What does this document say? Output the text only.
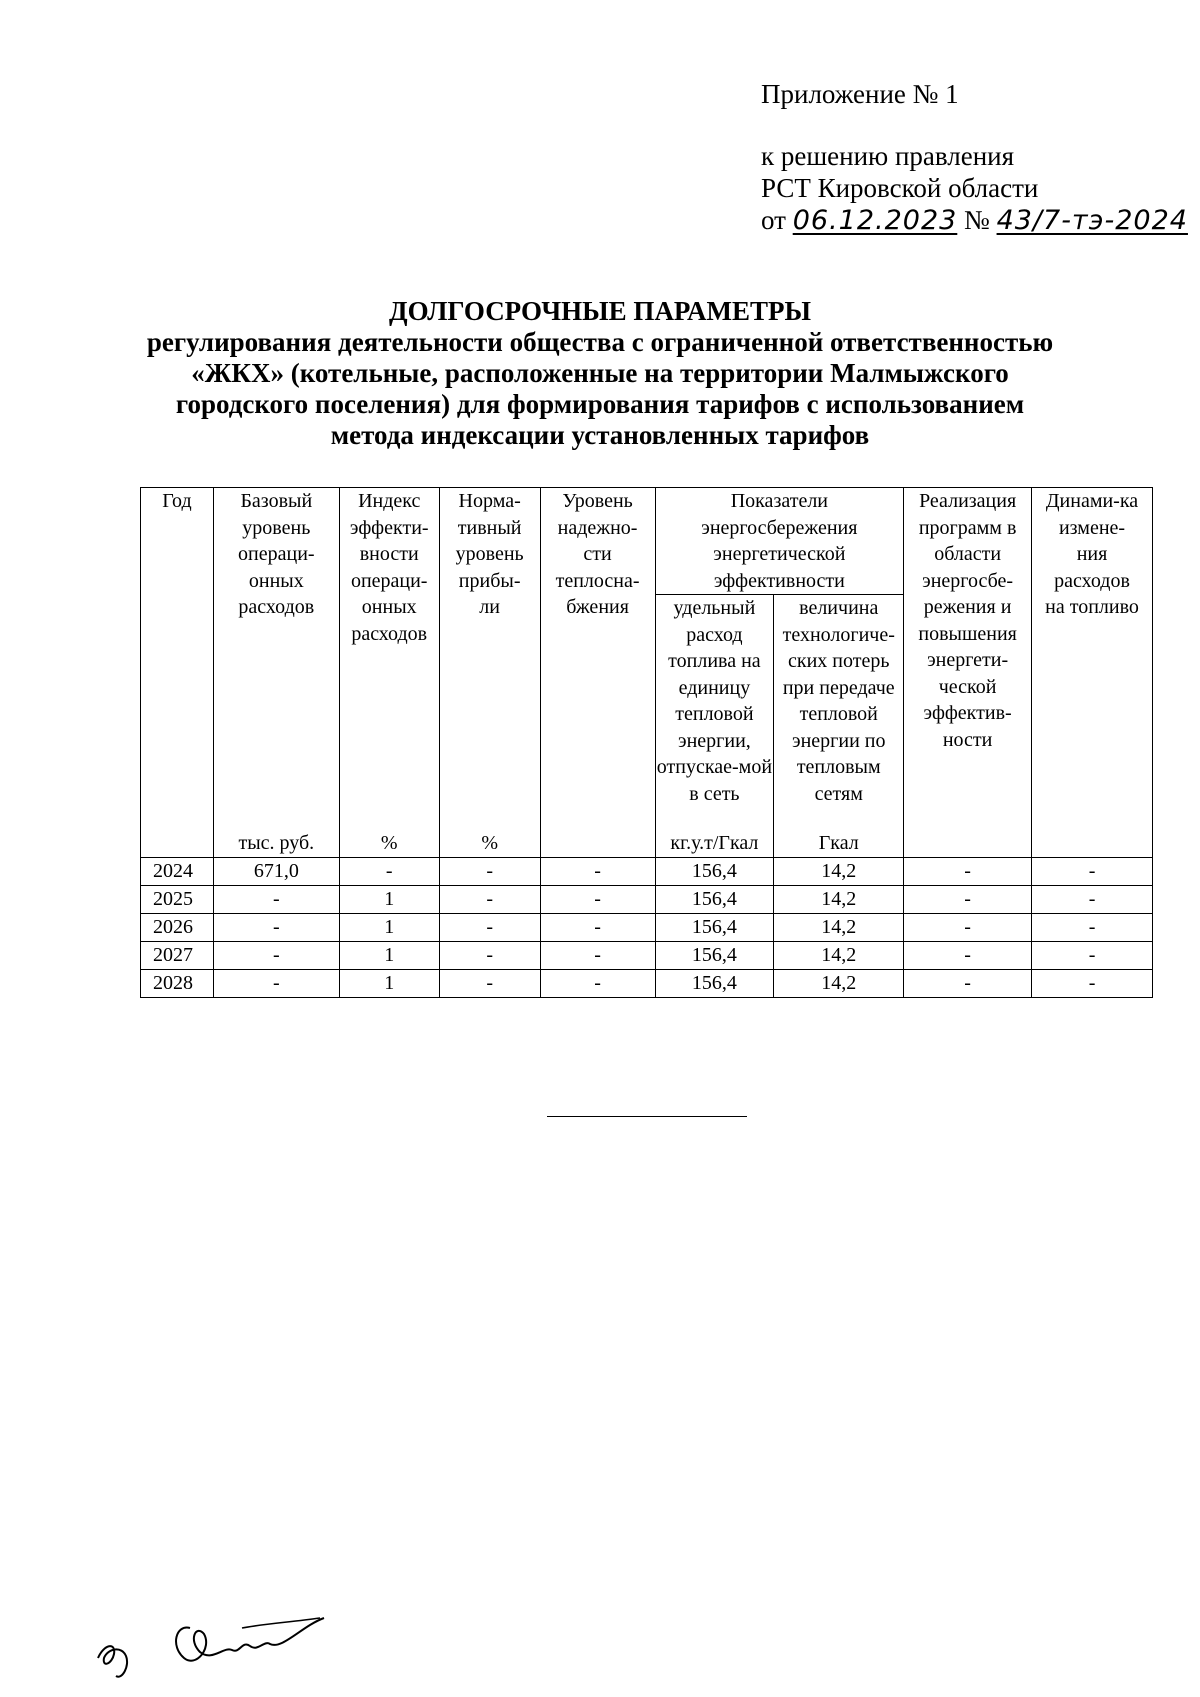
Приложение № 1
к решению правления
РСТ Кировской области
от 06.12.2023 № 43/7-тэ-2024
ДОЛГОСРОЧНЫЕ ПАРАМЕТРЫ
регулирования деятельности общества с ограниченной ответственностью
«ЖКХ» (котельные, расположенные на территории Малмыжского
городского поселения) для формирования тарифов с использованием
метода индексации установленных тарифов
Год	Базовый уровень операци-онных расходов	Индекс эффекти-вности операци-онных расходов	Норма-тивный уровень прибы-ли	Уровень надежно-сти теплосна-бжения	Показатели энергосбережения энергетической эффективности		Реализация программ в области энергосбе-режения и повышения энергети-ческой эффектив-ности	Динами-ка измене-ния расходов на топливо
					удельный расход топлива на единицу тепловой энергии, отпускае-мой в сеть	величина технологиче-ских потерь при передаче тепловой энергии по тепловым сетям		
	тыс. руб.	%	%		кг.у.т/Гкал	Гкал		
2024	671,0	-	-	-	156,4	14,2	-	-
2025	-	1	-	-	156,4	14,2	-	-
2026	-	1	-	-	156,4	14,2	-	-
2027	-	1	-	-	156,4	14,2	-	-
2028	-	1	-	-	156,4	14,2	-	-
